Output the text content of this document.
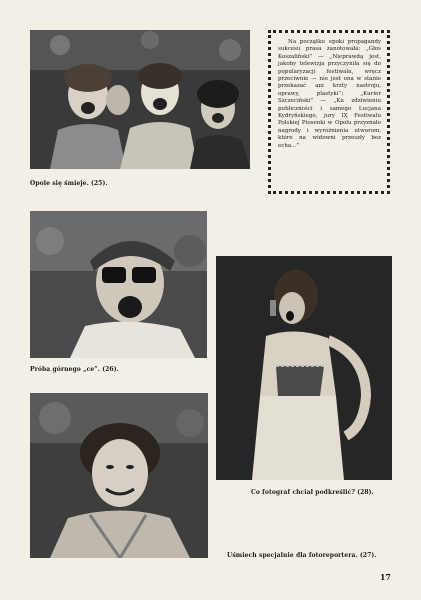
Opole się śmieje. (25).

Na początku epoki propagandy sukcesu prasa zanotowała: „Głos Koszaliński” — „Nieprawdą jest, jakoby telewizja przyczyniła się do popularyzacji festiwalu, wręcz przeciwnie — nie jest ona w stanie przekazać ani krzty nastroju, oprawy, plastyki”; „Kurier Szczeciński” — „Ku zdziwieniu publiczności i samego Lucjana Kydryńskiego, jury IX Festiwalu Polskiej Piosenki w Opolu przyznało nagrody i wyróżnienia utworom, które na widowni przeszły bez echa...”

Próba górnego „ce”. (26).
Co fotograf chciał podkreślić? (28).
Uśmiech specjalnie dla fotoreportera. (27).
17
